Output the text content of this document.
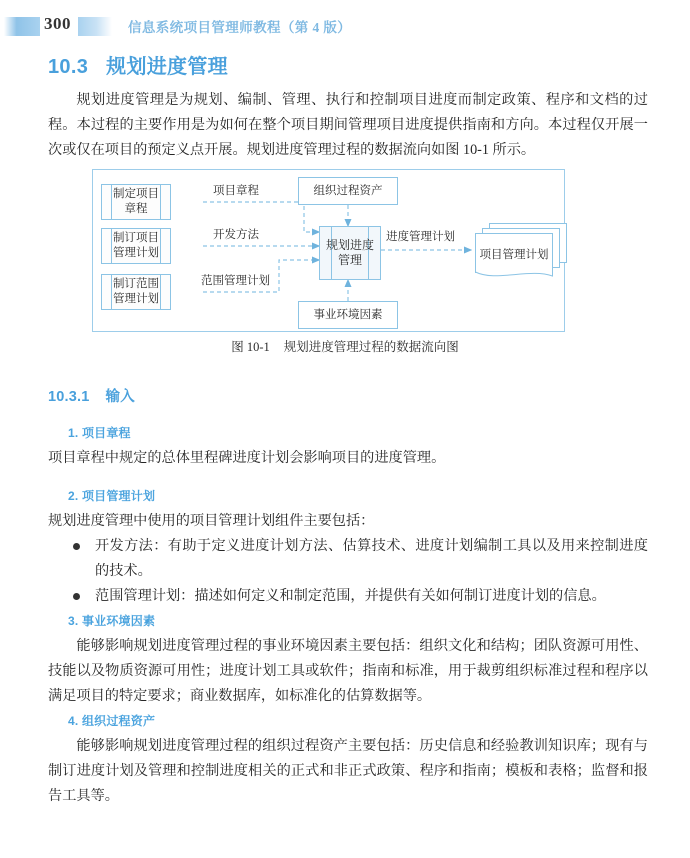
300	信息系统项目管理师教程（第 4 版）
10.3 规划进度管理
规划进度管理是为规划、编制、管理、执行和控制项目进度而制定政策、程序和文档的过程。本过程的主要作用是为如何在整个项目期间管理项目进度提供指南和方向。本过程仅开展一次或仅在项目的预定义点开展。规划进度管理过程的数据流向如图 10-1 所示。
制定项目
章程
制订项目
管理计划
制订范围
管理计划
组织过程资产
事业环境因素
规划进度
管理	项目管理计划
项目章程
开发方法
范围管理计划
进度管理计划
图 10-1 规划进度管理过程的数据流向图
10.3.1 输入
1. 项目章程
项目章程中规定的总体里程碑进度计划会影响项目的进度管理。
2. 项目管理计划
规划进度管理中使用的项目管理计划组件主要包括：
开发方法：有助于定义进度计划方法、估算技术、进度计划编制工具以及用来控制进度的技术。
范围管理计划：描述如何定义和制定范围，并提供有关如何制订进度计划的信息。
3. 事业环境因素
能够影响规划进度管理过程的事业环境因素主要包括：组织文化和结构；团队资源可用性、技能以及物质资源可用性；进度计划工具或软件；指南和标准，用于裁剪组织标准过程和程序以满足项目的特定要求；商业数据库，如标准化的估算数据等。
4. 组织过程资产
能够影响规划进度管理过程的组织过程资产主要包括：历史信息和经验教训知识库；现有与制订进度计划及管理和控制进度相关的正式和非正式政策、程序和指南；模板和表格；监督和报告工具等。
